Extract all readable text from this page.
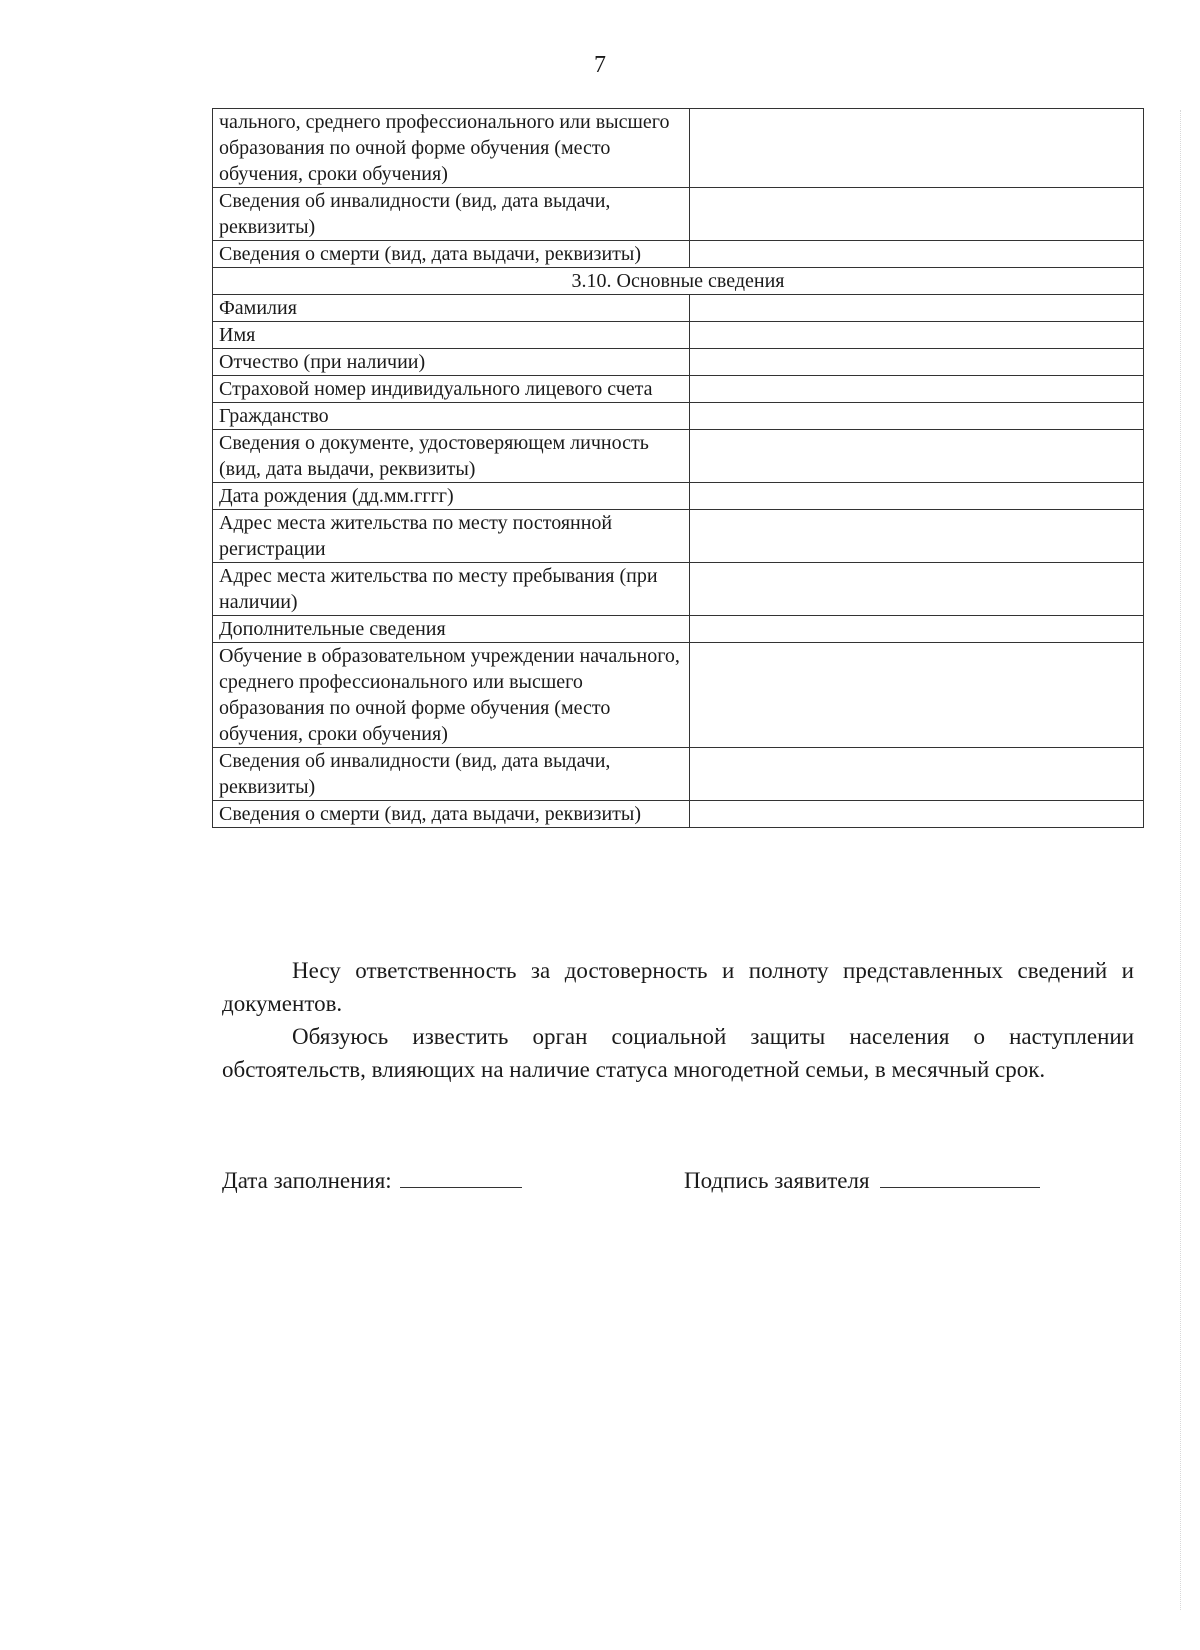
7
чального, среднего профессионального или высшего образования по очной форме обучения (место обучения, сроки обучения)	
Сведения об инвалидности (вид, дата выдачи, реквизиты)	
Сведения о смерти (вид, дата выдачи, реквизиты)	
3.10. Основные сведения	
Фамилия	
Имя	
Отчество (при наличии)	
Страховой номер индивидуального лицевого счета	
Гражданство	
Сведения о документе, удостоверяющем личность (вид, дата выдачи, реквизиты)	
Дата рождения (дд.мм.гггг)	
Адрес места жительства по месту постоянной регистрации	
Адрес места жительства по месту пребывания (при наличии)	
Дополнительные сведения	
Обучение в образовательном учреждении начального, среднего профессионального или высшего образования по очной форме обучения (место обучения, сроки обучения)	
Сведения об инвалидности (вид, дата выдачи, реквизиты)	
Сведения о смерти (вид, дата выдачи, реквизиты)	

Несу ответственность за достоверность и полноту представленных сведений и документов.

Обязуюсь известить орган социальной защиты населения о наступлении обстоятельств, влияющих на наличие статуса многодетной семьи, в месячный срок.

Дата заполнения:	Подпись заявителя
